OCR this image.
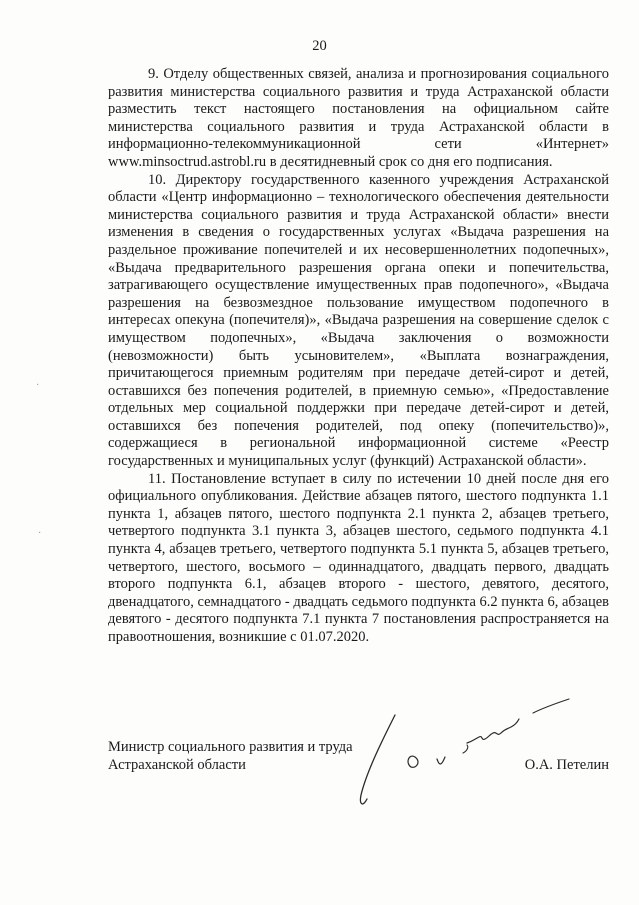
20

9. Отделу общественных связей, анализа и прогнозирования социального развития министерства социального развития и труда Астраханской области разместить текст настоящего постановления на официальном сайте министерства социального развития и труда Астраханской области в информационно-телекоммуникационной сети «Интернет» www.minsoctrud.astrobl.ru в десятидневный срок со дня его подписания.

10. Директору государственного казенного учреждения Астраханской области «Центр информационно – технологического обеспечения деятельности министерства социального развития и труда Астраханской области» внести изменения в сведения о государственных услугах «Выдача разрешения на раздельное проживание попечителей и их несовершеннолетних подопечных», «Выдача предварительного разрешения органа опеки и попечительства, затрагивающего осуществление имущественных прав подопечного», «Выдача разрешения на безвозмездное пользование имуществом подопечного в интересах опекуна (попечителя)», «Выдача разрешения на совершение сделок с имуществом подопечных», «Выдача заключения о возможности (невозможности) быть усыновителем», «Выплата вознаграждения, причитающегося приемным родителям при передаче детей-сирот и детей, оставшихся без попечения родителей, в приемную семью», «Предоставление отдельных мер социальной поддержки при передаче детей-сирот и детей, оставшихся без попечения родителей, под опеку (попечительство)», содержащиеся в региональной информационной системе «Реестр государственных и муниципальных услуг (функций) Астраханской области».

11. Постановление вступает в силу по истечении 10 дней после дня его официального опубликования. Действие абзацев пятого, шестого подпункта 1.1 пункта 1, абзацев пятого, шестого подпункта 2.1 пункта 2, абзацев третьего, четвертого подпункта 3.1 пункта 3, абзацев шестого, седьмого подпункта 4.1 пункта 4, абзацев третьего, четвертого подпункта 5.1 пункта 5, абзацев третьего, четвертого, шестого, восьмого – одиннадцатого, двадцать первого, двадцать второго подпункта 6.1, абзацев второго - шестого, девятого, десятого, двенадцатого, семнадцатого - двадцать седьмого подпункта 6.2 пункта 6, абзацев девятого - десятого подпункта 7.1 пункта 7 постановления распространяется на правоотношения, возникшие с 01.07.2020.

Министр социального развития и труда
Астраханской области	О.А. Петелин
·
·
